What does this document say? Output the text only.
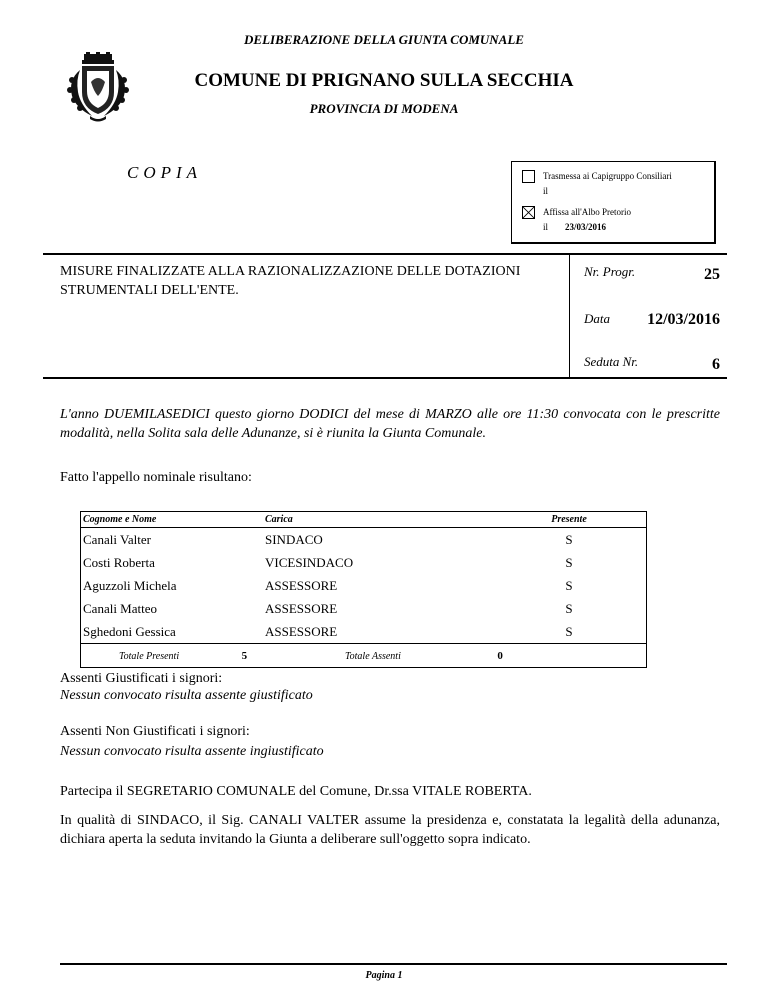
DELIBERAZIONE DELLA GIUNTA COMUNALE
COMUNE DI PRIGNANO SULLA SECCHIA
PROVINCIA DI MODENA
COPIA	Trasmessa ai Capigruppo Consiliari
il
Affissa all'Albo Pretorio
il 23/03/2016
MISURE FINALIZZATE ALLA RAZIONALIZZAZIONE DELLE DOTAZIONI STRUMENTALI DELL'ENTE.
Nr. Progr.	25
Data	12/03/2016
Seduta Nr.	6
L'anno DUEMILASEDICI questo giorno DODICI del mese di MARZO alle ore 11:30 convocata con le prescritte modalità, nella Solita sala delle Adunanze, si è riunita la Giunta Comunale.
Fatto l'appello nominale risultano:
Cognome e Nome	Carica	Presente
Canali Valter	SINDACO	S
Costi Roberta	VICESINDACO	S
Aguzzoli Michela	ASSESSORE	S
Canali Matteo	ASSESSORE	S
Sghedoni Gessica	ASSESSORE	S
Totale Presenti 5	Totale Assenti 0	
Assenti Giustificati i signori:
Nessun convocato risulta assente giustificato
Assenti Non Giustificati i signori:
Nessun convocato risulta assente ingiustificato
Partecipa il SEGRETARIO COMUNALE del Comune, Dr.ssa VITALE ROBERTA.
In qualità di SINDACO, il Sig. CANALI VALTER assume la presidenza e, constatata la legalità della adunanza, dichiara aperta la seduta invitando la Giunta a deliberare sull'oggetto sopra indicato.
Pagina 1
